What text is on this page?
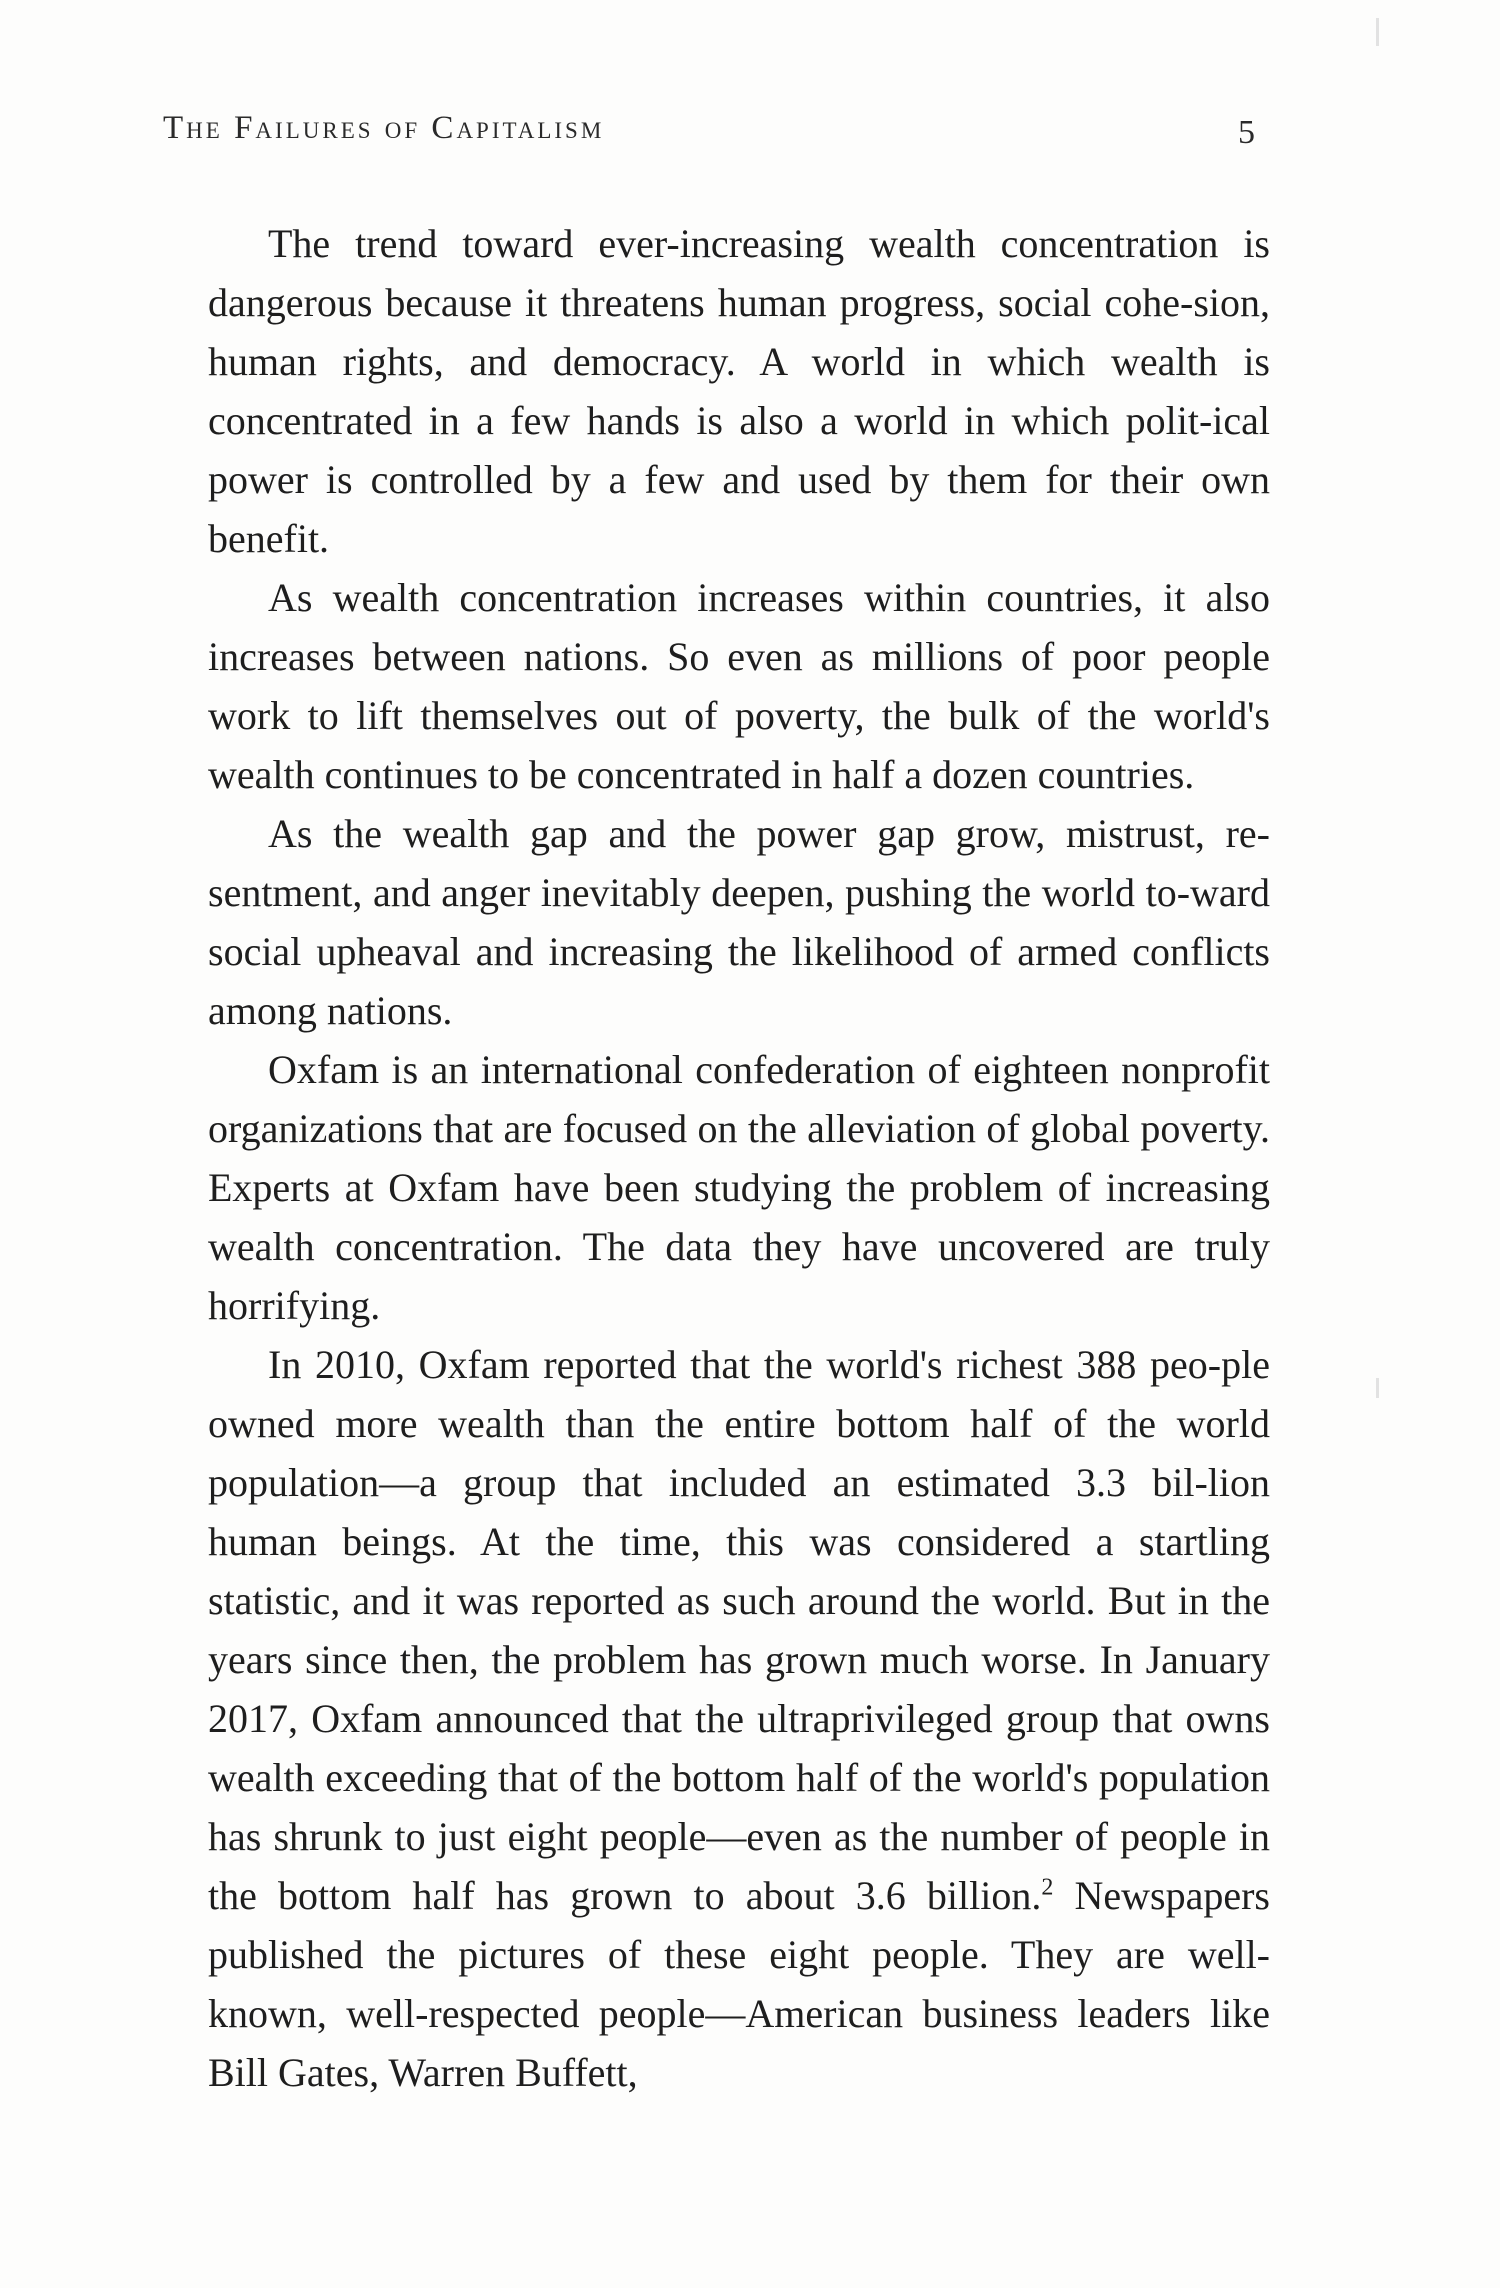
The Failures of Capitalism	5

The trend toward ever-increasing wealth concentration is dangerous because it threatens human progress, social cohe-sion, human rights, and democracy. A world in which wealth is concentrated in a few hands is also a world in which polit-ical power is controlled by a few and used by them for their own benefit.

As wealth concentration increases within countries, it also increases between nations. So even as millions of poor people work to lift themselves out of poverty, the bulk of the world's wealth continues to be concentrated in half a dozen countries.

As the wealth gap and the power gap grow, mistrust, re-sentment, and anger inevitably deepen, pushing the world to-ward social upheaval and increasing the likelihood of armed conflicts among nations.

Oxfam is an international confederation of eighteen nonprofit organizations that are focused on the alleviation of global poverty. Experts at Oxfam have been studying the problem of increasing wealth concentration. The data they have uncovered are truly horrifying.

In 2010, Oxfam reported that the world's richest 388 peo-ple owned more wealth than the entire bottom half of the world population—a group that included an estimated 3.3 bil-lion human beings. At the time, this was considered a startling statistic, and it was reported as such around the world. But in the years since then, the problem has grown much worse. In January 2017, Oxfam announced that the ultraprivileged group that owns wealth exceeding that of the bottom half of the world's population has shrunk to just eight people—even as the number of people in the bottom half has grown to about 3.6 billion.$^2$ Newspapers published the pictures of these eight people. They are well-known, well-respected people—American business leaders like Bill Gates, Warren Buffett,
